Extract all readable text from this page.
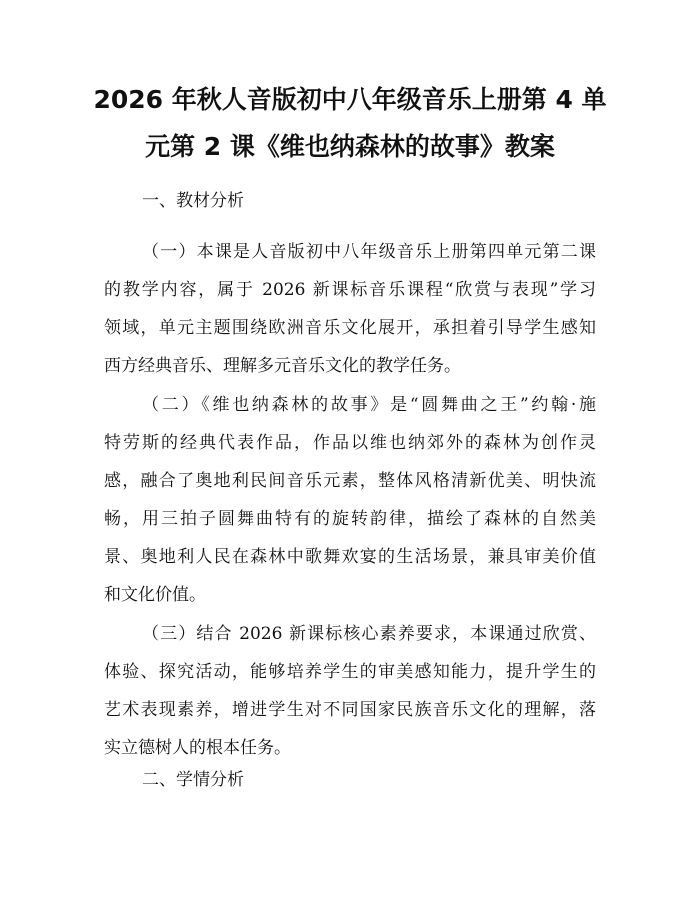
2026 年秋人音版初中八年级音乐上册第 4 单
元第 2 课《维也纳森林的故事》教案

一、教材分析

（一）本课是人音版初中八年级音乐上册第四单元第二课
的教学内容，属于 2026 新课标音乐课程“欣赏与表现”学习
领域，单元主题围绕欧洲音乐文化展开，承担着引导学生感知
西方经典音乐、理解多元音乐文化的教学任务。
（二）《维也纳森林的故事》是“圆舞曲之王”约翰·施
特劳斯的经典代表作品，作品以维也纳郊外的森林为创作灵
感，融合了奥地利民间音乐元素，整体风格清新优美、明快流
畅，用三拍子圆舞曲特有的旋转韵律，描绘了森林的自然美
景、奥地利人民在森林中歌舞欢宴的生活场景，兼具审美价值
和文化价值。
（三）结合 2026 新课标核心素养要求，本课通过欣赏、
体验、探究活动，能够培养学生的审美感知能力，提升学生的
艺术表现素养，增进学生对不同国家民族音乐文化的理解，落
实立德树人的根本任务。

二、学情分析
